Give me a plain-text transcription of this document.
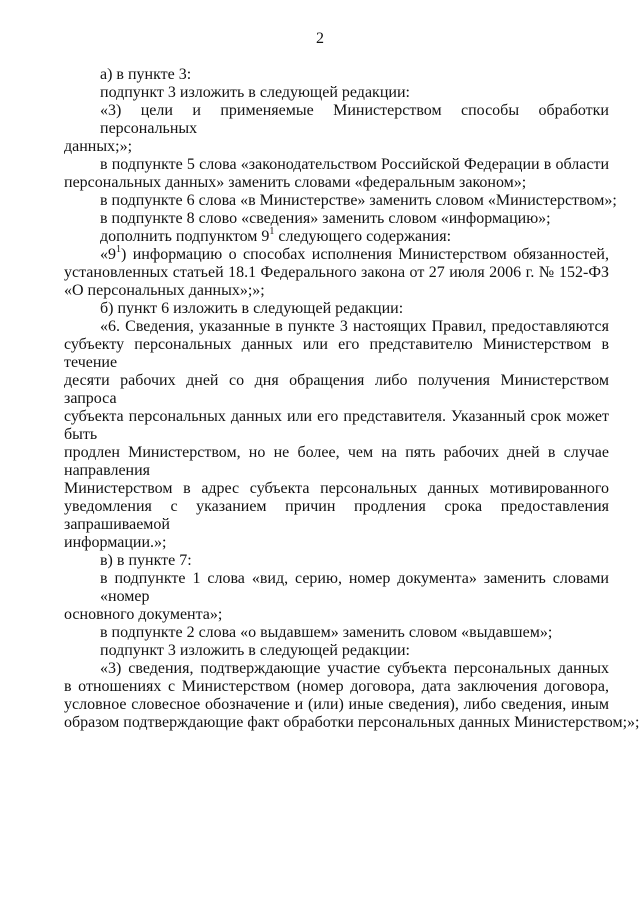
2
а) в пункте 3:
подпункт 3 изложить в следующей редакции:
«3) цели и применяемые Министерством способы обработки персональных
данных;»;
в подпункте 5 слова «законодательством Российской Федерации в области
персональных данных» заменить словами «федеральным законом»;
в подпункте 6 слова «в Министерстве» заменить словом «Министерством»;
в подпункте 8 слово «сведения» заменить словом «информацию»;
дополнить подпунктом $9^1$ следующего содержания:
«$9^1$) информацию о способах исполнения Министерством обязанностей,
установленных статьей 18.1 Федерального закона от 27 июля 2006 г. № 152-ФЗ
«О персональных данных»;»;
б) пункт 6 изложить в следующей редакции:
«6. Сведения, указанные в пункте 3 настоящих Правил, предоставляются
субъекту персональных данных или его представителю Министерством в течение
десяти рабочих дней со дня обращения либо получения Министерством запроса
субъекта персональных данных или его представителя. Указанный срок может быть
продлен Министерством, но не более, чем на пять рабочих дней в случае направления
Министерством в адрес субъекта персональных данных мотивированного
уведомления с указанием причин продления срока предоставления запрашиваемой
информации.»;
в) в пункте 7:
в подпункте 1 слова «вид, серию, номер документа» заменить словами «номер
основного документа»;
в подпункте 2 слова «о выдавшем» заменить словом «выдавшем»;
подпункт 3 изложить в следующей редакции:
«3) сведения, подтверждающие участие субъекта персональных данных
в отношениях с Министерством (номер договора, дата заключения договора,
условное словесное обозначение и (или) иные сведения), либо сведения, иным
образом подтверждающие факт обработки персональных данных Министерством;»;
